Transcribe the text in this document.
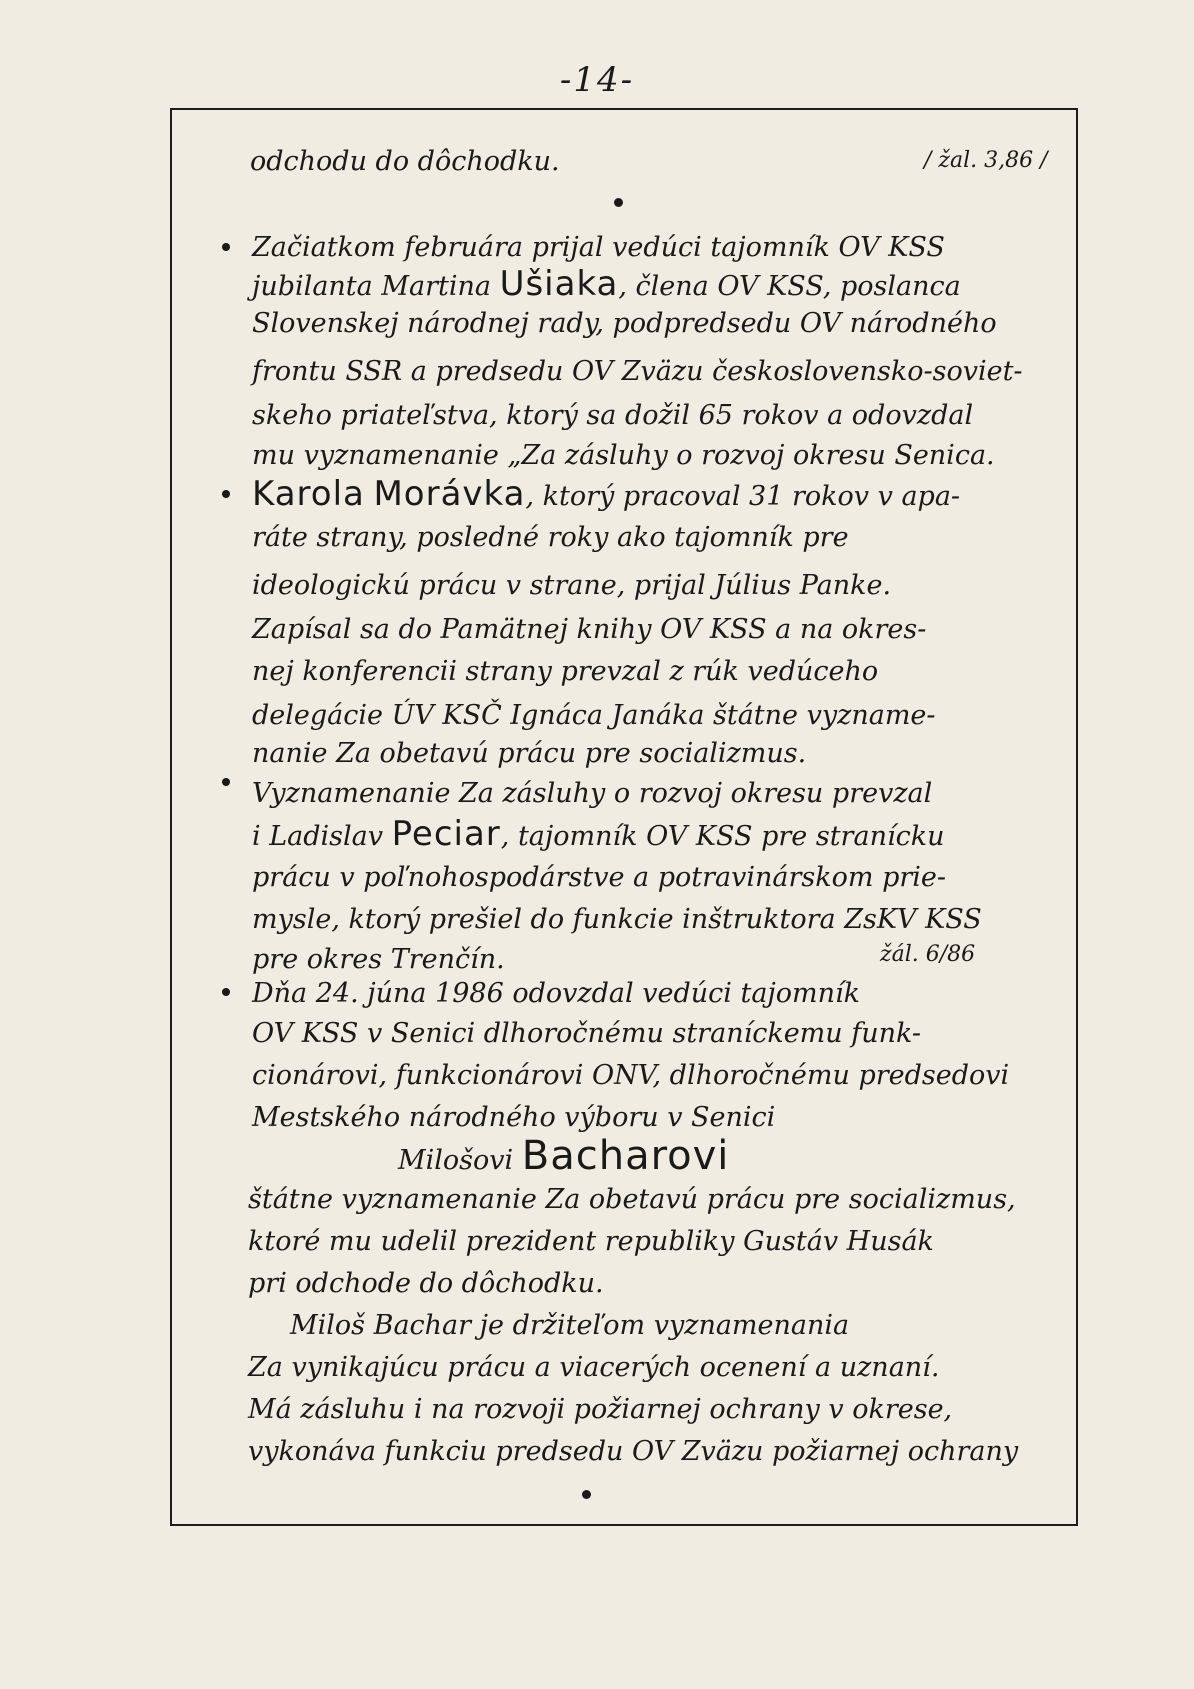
-14-
odchodu do dôchodku.	/ žal. 3,86 /
Začiatkom februára prijal vedúci tajomník OV KSS
jubilanta Martina Ušiaka, člena OV KSS, poslanca
Slovenskej národnej rady, podpredsedu OV národného
frontu SSR a predsedu OV Zväzu československo-soviet-
skeho priateľstva, ktorý sa dožil 65 rokov a odovzdal
mu vyznamenanie „Za zásluhy o rozvoj okresu Senica.
Karola Morávka, ktorý pracoval 31 rokov v apa-
ráte strany, posledné roky ako tajomník pre
ideologickú prácu v strane, prijal Július Panke.
Zapísal sa do Pamätnej knihy OV KSS a na okres-
nej konferencii strany prevzal z rúk vedúceho
delegácie ÚV KSČ Ignáca Janáka štátne vyzname-
nanie Za obetavú prácu pre socializmus.
Vyznamenanie Za zásluhy o rozvoj okresu prevzal
i Ladislav Peciar, tajomník OV KSS pre stranícku
prácu v poľnohospodárstve a potravinárskom prie-
mysle, ktorý prešiel do funkcie inštruktora ZsKV KSS
pre okres Trenčín.	žál. 6/86
Dňa 24. júna 1986 odovzdal vedúci tajomník
OV KSS v Senici dlhoročnému straníckemu funk-
cionárovi, funkcionárovi ONV, dlhoročnému predsedovi
Mestského národného výboru v Senici
Milošovi Bacharovi
štátne vyznamenanie Za obetavú prácu pre socializmus,
ktoré mu udelil prezident republiky Gustáv Husák
pri odchode do dôchodku.
Miloš Bachar je držiteľom vyznamenania
Za vynikajúcu prácu a viacerých ocenení a uznaní.
Má zásluhu i na rozvoji požiarnej ochrany v okrese,
vykonáva funkciu predsedu OV Zväzu požiarnej ochrany
